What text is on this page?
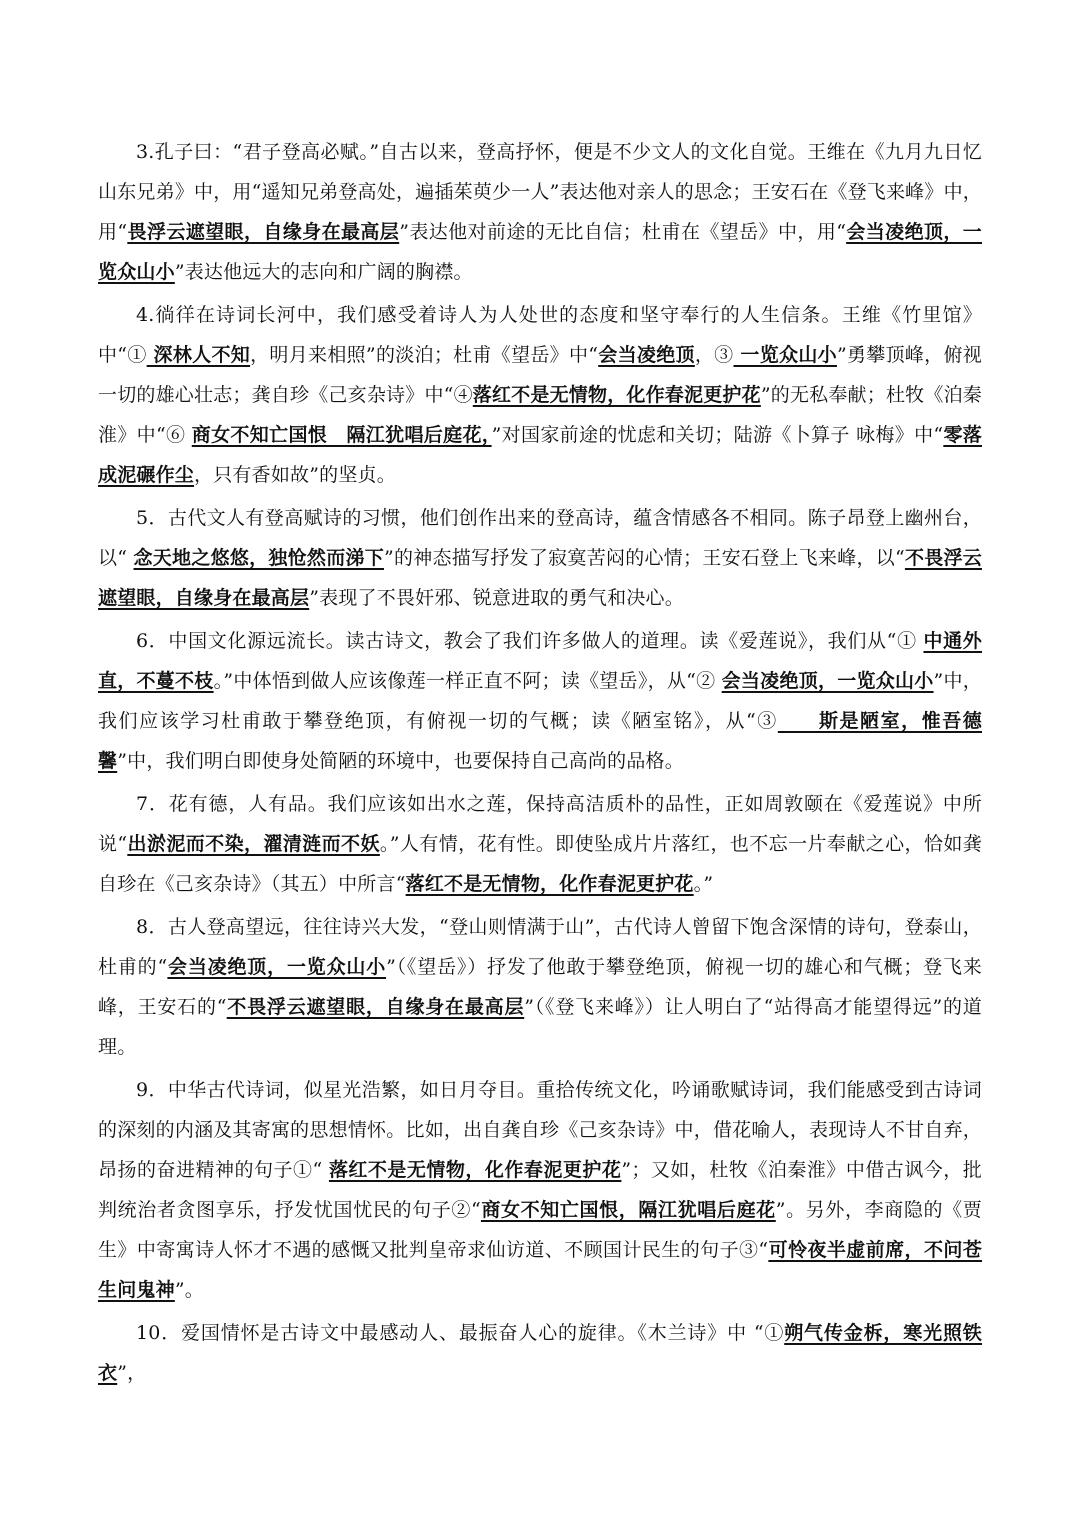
3.孔子曰：“君子登高必赋。”自古以来，登高抒怀，便是不少文人的文化自觉。王维在《九月九日忆山东兄弟》中，用“遥知兄弟登高处，遍插茱萸少一人”表达他对亲人的思念；王安石在《登飞来峰》中，用“畏浮云遮望眼，自缘身在最高层”表达他对前途的无比自信；杜甫在《望岳》中，用“会当凌绝顶，一览众山小”表达他远大的志向和广阔的胸襟。

4.徜徉在诗词长河中，我们感受着诗人为人处世的态度和坚守奉行的人生信条。王维《竹里馆》中“① 深林人不知，明月来相照”的淡泊；杜甫《望岳》中“会当凌绝顶，③ 一览众山小”勇攀顶峰，俯视一切的雄心壮志；龚自珍《己亥杂诗》中“④落红不是无情物，化作春泥更护花”的无私奉献；杜牧《泊秦淮》中“⑥ 商女不知亡国恨　隔江犹唱后庭花，”对国家前途的忧虑和关切；陆游《卜算子 咏梅》中“零落成泥碾作尘，只有香如故”的坚贞。

5．古代文人有登高赋诗的习惯，他们创作出来的登高诗，蕴含情感各不相同。陈子昂登上幽州台，以“ 念天地之悠悠，独怆然而涕下”的神态描写抒发了寂寞苦闷的心情；王安石登上飞来峰，以“不畏浮云遮望眼，自缘身在最高层”表现了不畏奸邪、锐意进取的勇气和决心。

6．中国文化源远流长。读古诗文，教会了我们许多做人的道理。读《爱莲说》，我们从“① 中通外直，不蔓不枝。”中体悟到做人应该像莲一样正直不阿；读《望岳》，从“② 会当凌绝顶，一览众山小”中，我们应该学习杜甫敢于攀登绝顶，有俯视一切的气概；读《陋室铭》，从“③　　斯是陋室，惟吾德馨”中，我们明白即使身处简陋的环境中，也要保持自己高尚的品格。

7．花有德，人有品。我们应该如出水之莲，保持高洁质朴的品性，正如周敦颐在《爱莲说》中所说“出淤泥而不染，濯清涟而不妖。”人有情，花有性。即使坠成片片落红，也不忘一片奉献之心，恰如龚自珍在《己亥杂诗》（其五）中所言“落红不是无情物，化作春泥更护花。”

8．古人登高望远，往往诗兴大发，“登山则情满于山”，古代诗人曾留下饱含深情的诗句，登泰山，杜甫的“会当凌绝顶，一览众山小”（《望岳》）抒发了他敢于攀登绝顶，俯视一切的雄心和气概；登飞来峰，王安石的“不畏浮云遮望眼，自缘身在最高层”（《登飞来峰》）让人明白了“站得高才能望得远”的道理。

9．中华古代诗词，似星光浩繁，如日月夺目。重拾传统文化，吟诵歌赋诗词，我们能感受到古诗词的深刻的内涵及其寄寓的思想情怀。比如，出自龚自珍《己亥杂诗》中，借花喻人，表现诗人不甘自弃，昂扬的奋进精神的句子①“ 落红不是无情物，化作春泥更护花”；又如，杜牧《泊秦淮》中借古讽今，批判统治者贪图享乐，抒发忧国忧民的句子②“商女不知亡国恨，隔江犹唱后庭花”。另外，李商隐的《贾生》中寄寓诗人怀才不遇的感慨又批判皇帝求仙访道、不顾国计民生的句子③“可怜夜半虚前席，不问苍生问鬼神”。

10．爱国情怀是古诗文中最感动人、最振奋人心的旋律。《木兰诗》中 “①朔气传金柝，寒光照铁衣”，
